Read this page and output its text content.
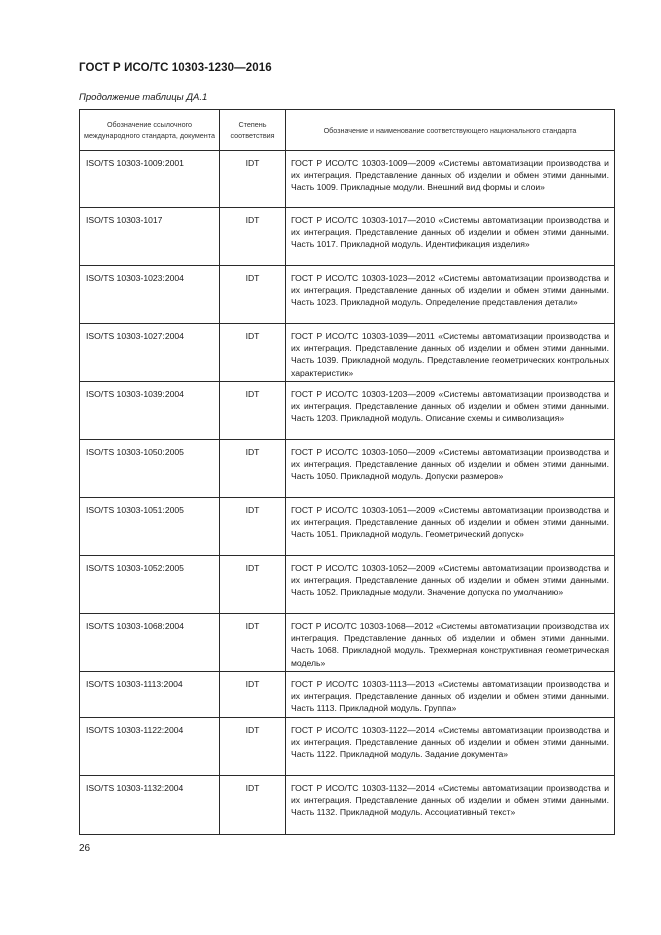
ГОСТ Р ИСО/ТС 10303-1230—2016
Продолжение таблицы ДА.1
Обозначение ссылочного международного стандарта, документа	Степень соответствия	Обозначение и наименование соответствующего национального стандарта
ISO/TS 10303-1009:2001	IDT	ГОСТ Р ИСО/ТС 10303-1009—2009 «Системы автоматизации производства и их интеграция. Представление данных об изделии и обмен этими данными. Часть 1009. Прикладные модули. Внешний вид формы и слои»
ISO/TS 10303-1017	IDT	ГОСТ Р ИСО/ТС 10303-1017—2010 «Системы автоматизации производства и их интеграция. Представление данных об изделии и обмен этими данными. Часть 1017. Прикладной модуль. Идентификация изделия»
ISO/TS 10303-1023:2004	IDT	ГОСТ Р ИСО/ТС 10303-1023—2012 «Системы автоматизации производства и их интеграция. Представление данных об изделии и обмен этими данными. Часть 1023. Прикладной модуль. Определение представления детали»
ISO/TS 10303-1027:2004	IDT	ГОСТ Р ИСО/ТС 10303-1039—2011 «Системы автоматизации производства и их интеграция. Представление данных об изделии и обмен этими данными. Часть 1039. Прикладной модуль. Представление геометрических контрольных характеристик»
ISO/TS 10303-1039:2004	IDT	ГОСТ Р ИСО/ТС 10303-1203—2009 «Системы автоматизации производства и их интеграция. Представление данных об изделии и обмен этими данными. Часть 1203. Прикладной модуль. Описание схемы и символизация»
ISO/TS 10303-1050:2005	IDT	ГОСТ Р ИСО/ТС 10303-1050—2009 «Системы автоматизации производства и их интеграция. Представление данных об изделии и обмен этими данными. Часть 1050. Прикладной модуль. Допуски размеров»
ISO/TS 10303-1051:2005	IDT	ГОСТ Р ИСО/ТС 10303-1051—2009 «Системы автоматизации производства и их интеграция. Представление данных об изделии и обмен этими данными. Часть 1051. Прикладной модуль. Геометрический допуск»
ISO/TS 10303-1052:2005	IDT	ГОСТ Р ИСО/ТС 10303-1052—2009 «Системы автоматизации производства и их интеграция. Представление данных об изделии и обмен этими данными. Часть 1052. Прикладные модули. Значение допуска по умолчанию»
ISO/TS 10303-1068:2004	IDT	ГОСТ Р ИСО/ТС 10303-1068—2012 «Системы автоматизации производства их интеграция. Представление данных об изделии и обмен этими данными. Часть 1068. Прикладной модуль. Трехмерная конструктивная геометрическая модель»
ISO/TS 10303-1113:2004	IDT	ГОСТ Р ИСО/ТС 10303-1113—2013 «Системы автоматизации производства и их интеграция. Представление данных об изделии и обмен этими данными. Часть 1113. Прикладной модуль. Группа»
ISO/TS 10303-1122:2004	IDT	ГОСТ Р ИСО/ТС 10303-1122—2014 «Системы автоматизации производства и их интеграция. Представление данных об изделии и обмен этими данными. Часть 1122. Прикладной модуль. Задание документа»
ISO/TS 10303-1132:2004	IDT	ГОСТ Р ИСО/ТС 10303-1132—2014 «Системы автоматизации производства и их интеграция. Представление данных об изделии и обмен этими данными. Часть 1132. Прикладной модуль. Ассоциативный текст»
26
